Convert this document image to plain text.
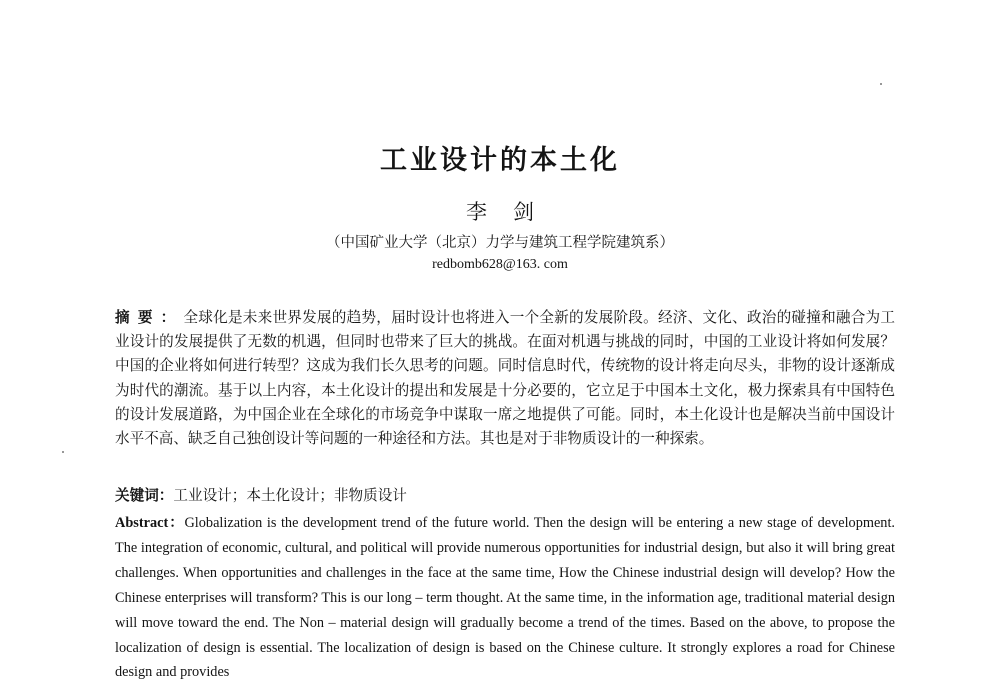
工业设计的本土化
李剑
（中国矿业大学（北京）力学与建筑工程学院建筑系）
redbomb628@163. com
摘要：全球化是未来世界发展的趋势，届时设计也将进入一个全新的发展阶段。经济、文化、政治的碰撞和融合为工业设计的发展提供了无数的机遇，但同时也带来了巨大的挑战。在面对机遇与挑战的同时，中国的工业设计将如何发展？中国的企业将如何进行转型？这成为我们长久思考的问题。同时信息时代，传统物的设计将走向尽头，非物的设计逐渐成为时代的潮流。基于以上内容，本土化设计的提出和发展是十分必要的，它立足于中国本土文化，极力探索具有中国特色的设计发展道路，为中国企业在全球化的市场竞争中谋取一席之地提供了可能。同时，本土化设计也是解决当前中国设计水平不高、缺乏自己独创设计等问题的一种途径和方法。其也是对于非物质设计的一种探索。
关键词：工业设计；本土化设计；非物质设计
Abstract：Globalization is the development trend of the future world. Then the design will be entering a new stage of development. The integration of economic, cultural, and political will provide numerous opportunities for industrial design, but also it will bring great challenges. When opportunities and challenges in the face at the same time, How the Chinese industrial design will develop? How the Chinese enterprises will transform? This is our long – term thought. At the same time, in the information age, traditional material design will move toward the end. The Non – material design will gradually become a trend of the times. Based on the above, to propose the localization of design is essential. The localization of design is based on the Chinese culture. It strongly explores a road for Chinese design and provides
